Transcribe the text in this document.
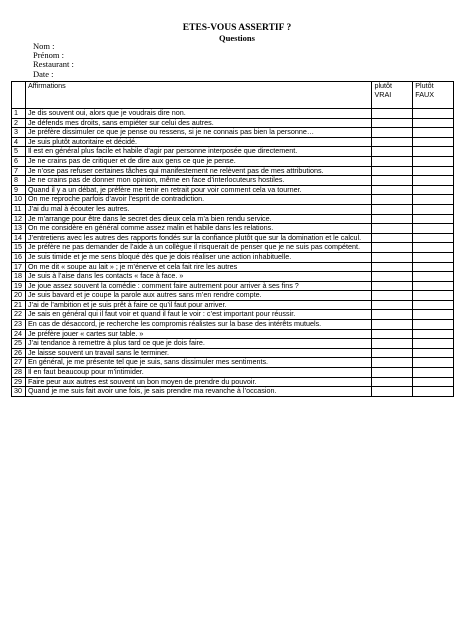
ETES-VOUS ASSERTIF ?
Questions
Nom :
Prénom :
Restaurant :
Date :
	Affirmations	plutôt VRAI	Plutôt FAUX
1	Je dis souvent oui, alors que je voudrais dire non.		
2	Je défends mes droits, sans empiéter sur celui des autres.		
3	Je préfère dissimuler ce que je pense ou ressens, si je ne connais pas bien la personne…		
4	Je suis plutôt autoritaire et décidé.		
5	Il est en général plus facile et habile d’agir par personne interposée que directement.		
6	Je ne crains pas de critiquer et de dire aux gens ce que je pense.		
7	Je n’ose pas refuser certaines tâches qui manifestement ne relèvent pas de mes attributions.		
8	Je ne crains pas de donner mon opinion, même en face d’interlocuteurs hostiles.		
9	Quand il y a un débat, je préfère me tenir en retrait pour voir comment cela va tourner.		
10	On me reproche parfois d’avoir l’esprit de contradiction.		
11	J’ai du mal à écouter les autres.		
12	Je m’arrange pour être dans le secret des dieux cela m’a bien rendu service.		
13	On me considère en général comme assez malin et habile dans les relations.		
14	J’entretiens avec les autres des rapports fondés sur la confiance plutôt que sur la domination et le calcul.		
15	Je préfère ne pas demander de l’aide à un collègue il risquerait de penser que je ne suis pas compétent.		
16	Je suis timide et je me sens bloqué dès que je dois réaliser une action inhabituelle.		
17	On me dit « soupe au lait » ; je m’énerve et cela fait rire les autres		
18	Je suis à l’aise dans les contacts « face à face. »		
19	Je joue assez souvent la comédie : comment faire autrement pour arriver à ses fins ?		
20	Je suis bavard et je coupe la parole aux autres sans m’en rendre compte.		
21	J’ai de l’ambition et je suis prêt à faire ce qu’il faut pour arriver.		
22	Je sais en général qui il faut voir et quand il faut le voir : c’est important pour réussir.		
23	En cas de désaccord, je recherche les compromis réalistes sur la base des intérêts mutuels.		
24	Je préfère jouer « cartes sur table. »		
25	J’ai tendance à remettre à plus tard ce que je dois faire.		
26	Je laisse souvent un travail sans le terminer.		
27	En général, je me présente tel que je suis, sans dissimuler mes sentiments.		
28	Il en faut beaucoup pour m’intimider.		
29	Faire peur aux autres est souvent un bon moyen de prendre du pouvoir.		
30	Quand je me suis fait avoir une fois, je sais prendre ma revanche à l’occasion.		
